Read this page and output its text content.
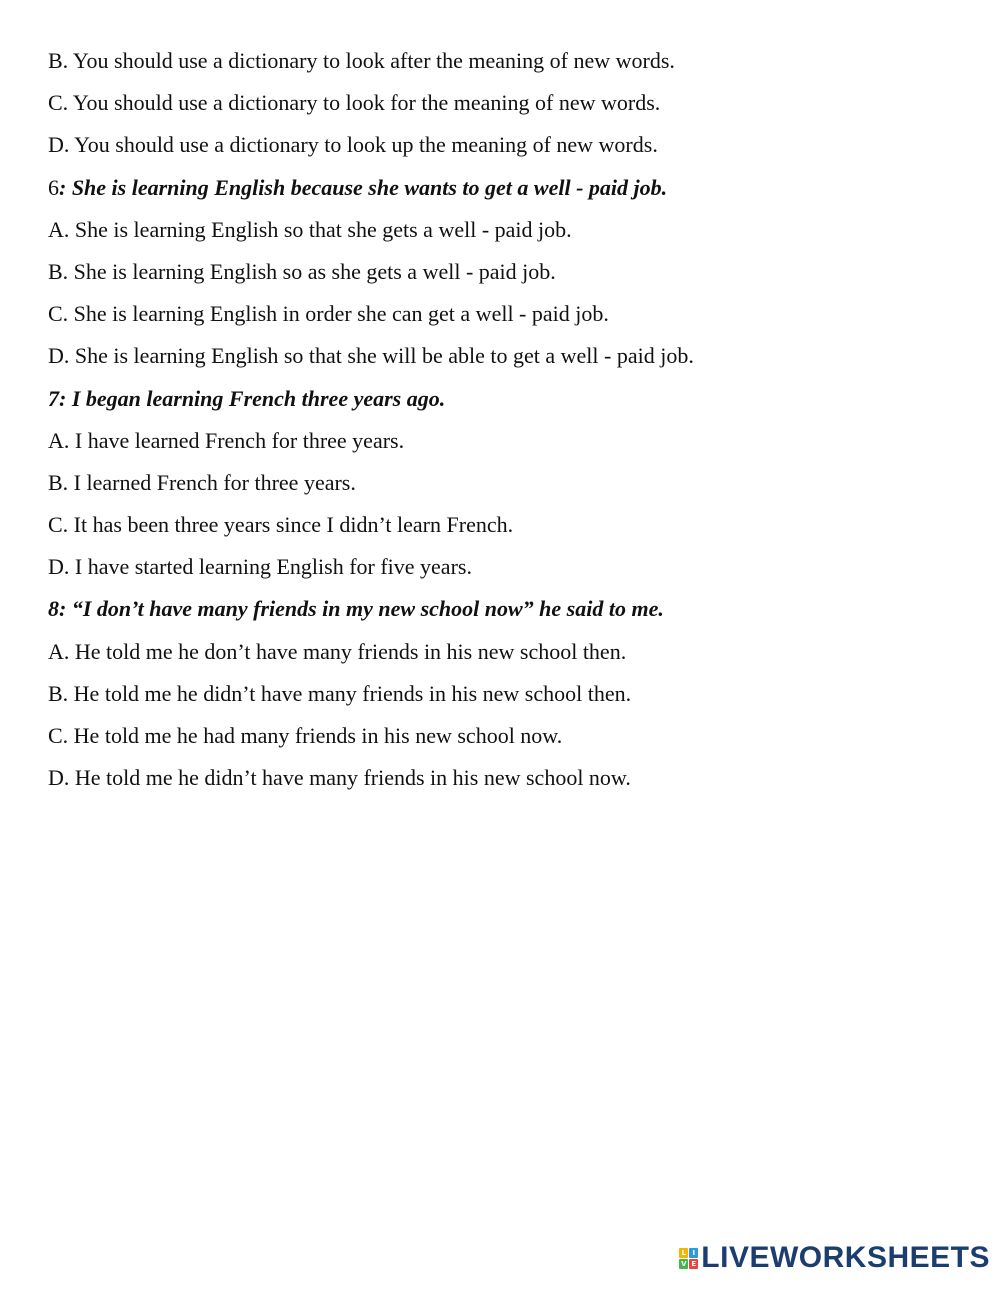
B. You should use a dictionary to look after the meaning of new words.
C. You should use a dictionary to look for the meaning of new words.
D. You should use a dictionary to look up the meaning of new words.
6: She is learning English because she wants to get a well - paid job.
A. She is learning English so that she gets a well - paid job.
B. She is learning English so as she gets a well - paid job.
C. She is learning English in order she can get a well - paid job.
D. She is learning English so that she will be able to get a well - paid job.
7: I began learning French three years ago.
A. I have learned French for three years.
B. I learned French for three years.
C. It has been three years since I didn’t learn French.
D. I have started learning English for five years.
8: “I don’t have many friends in my new school now” he said to me.
A. He told me he don’t have many friends in his new school then.
B. He told me he didn’t have many friends in his new school then.
C. He told me he had many friends in his new school now.
D. He told me he didn’t have many friends in his new school now.
L I
V E LIVEWORKSHEETS
